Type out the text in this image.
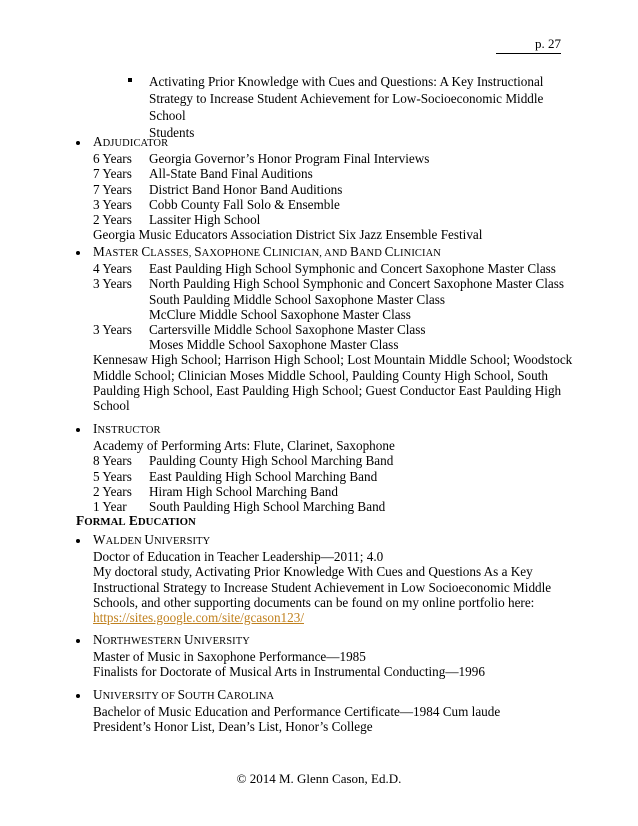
p. 27
Activating Prior Knowledge with Cues and Questions: A Key Instructional
Strategy to Increase Student Achievement for Low-Socioeconomic Middle School
Students
ADJUDICATOR
6 Years	Georgia Governor’s Honor Program Final Interviews
7 Years	All-State Band Final Auditions
7 Years	District Band Honor Band Auditions
3 Years	Cobb County Fall Solo & Ensemble
2 Years	Lassiter High School
Georgia Music Educators Association District Six Jazz Ensemble Festival
MASTER CLASSES, SAXOPHONE CLINICIAN, AND BAND CLINICIAN
4 Years	East Paulding High School Symphonic and Concert Saxophone Master Class
3 Years	North Paulding High School Symphonic and Concert Saxophone Master Class
South Paulding Middle School Saxophone Master Class
McClure Middle School Saxophone Master Class
3 Years	Cartersville Middle School Saxophone Master Class
Moses Middle School Saxophone Master Class
Kennesaw High School; Harrison High School; Lost Mountain Middle School; Woodstock
Middle School; Clinician Moses Middle School, Paulding County High School, South
Paulding High School, East Paulding High School; Guest Conductor East Paulding High
School
INSTRUCTOR
Academy of Performing Arts: Flute, Clarinet, Saxophone
8 Years	Paulding County High School Marching Band
5 Years	East Paulding High School Marching Band
2 Years	Hiram High School Marching Band
1 Year	South Paulding High School Marching Band
FORMAL EDUCATION
WALDEN UNIVERSITY
Doctor of Education in Teacher Leadership—2011; 4.0
My doctoral study, Activating Prior Knowledge With Cues and Questions As a Key
Instructional Strategy to Increase Student Achievement in Low Socioeconomic Middle
Schools, and other supporting documents can be found on my online portfolio here:
https://sites.google.com/site/gcason123/
NORTHWESTERN UNIVERSITY
Master of Music in Saxophone Performance—1985
Finalists for Doctorate of Musical Arts in Instrumental Conducting—1996
UNIVERSITY OF SOUTH CAROLINA
Bachelor of Music Education and Performance Certificate—1984 Cum laude
President’s Honor List, Dean’s List, Honor’s College
© 2014 M. Glenn Cason, Ed.D.
